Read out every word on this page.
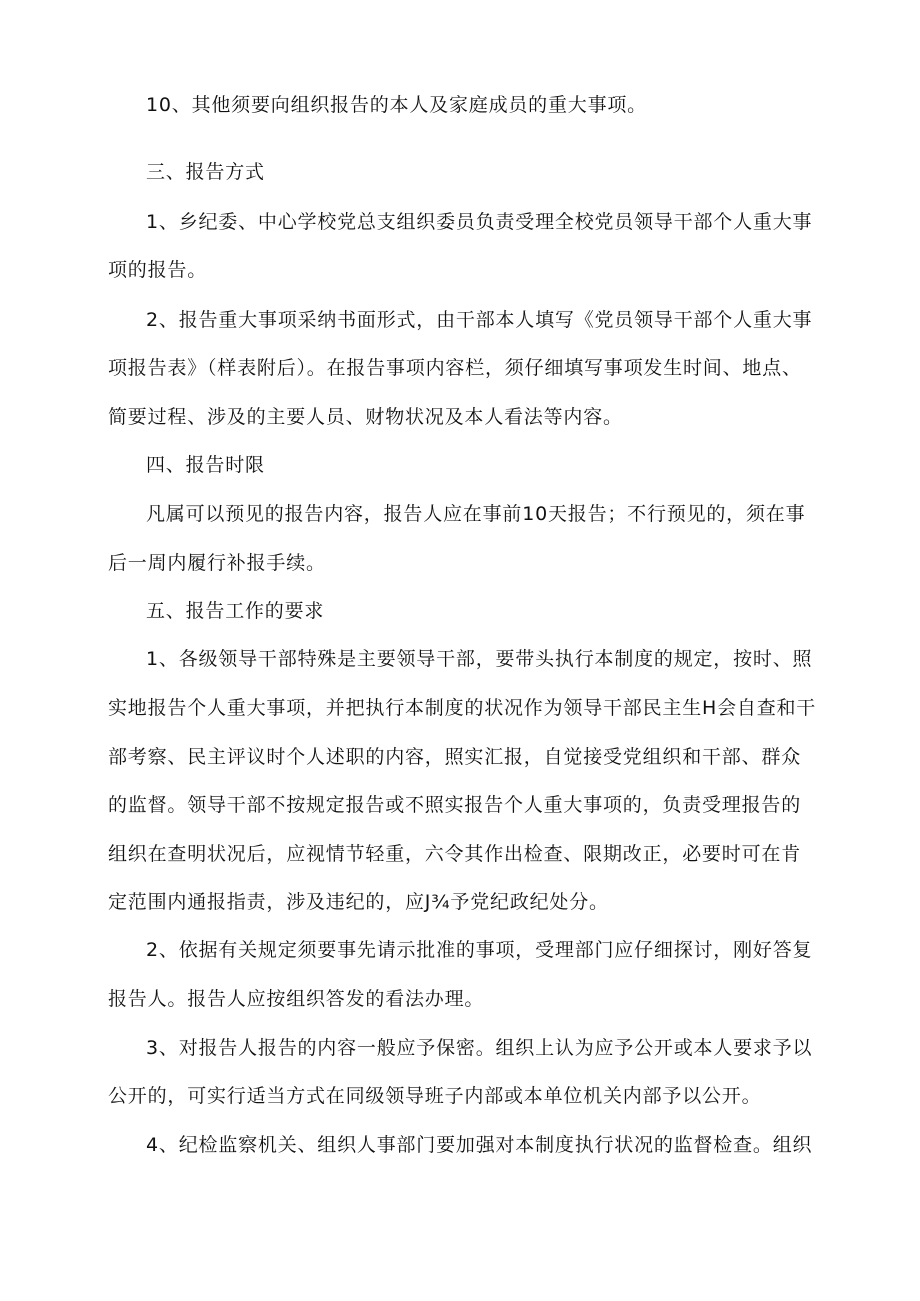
10、其他须要向组织报告的本人及家庭成员的重大事项。
三、报告方式
1、乡纪委、中心学校党总支组织委员负责受理全校党员领导干部个人重大事
项的报告。
2、报告重大事项采纳书面形式，由干部本人填写《党员领导干部个人重大事
项报告表》（样表附后）。在报告事项内容栏，须仔细填写事项发生时间、地点、
简要过程、涉及的主要人员、财物状况及本人看法等内容。
四、报告时限
凡属可以预见的报告内容，报告人应在事前10天报告；不行预见的，须在事
后一周内履行补报手续。
五、报告工作的要求
1、各级领导干部特殊是主要领导干部，要带头执行本制度的规定，按时、照
实地报告个人重大事项，并把执行本制度的状况作为领导干部民主生H会自查和干
部考察、民主评议时个人述职的内容，照实汇报，自觉接受党组织和干部、群众
的监督。领导干部不按规定报告或不照实报告个人重大事项的，负责受理报告的
组织在查明状况后，应视情节轻重，六令其作出检查、限期改正，必要时可在肯
定范围内通报指责，涉及违纪的，应J¾予党纪政纪处分。
2、依据有关规定须要事先请示批准的事项，受理部门应仔细探讨，刚好答复
报告人。报告人应按组织答发的看法办理。
3、对报告人报告的内容一般应予保密。组织上认为应予公开或本人要求予以
公开的，可实行适当方式在同级领导班子内部或本单位机关内部予以公开。
4、纪检监察机关、组织人事部门要加强对本制度执行状况的监督检查。组织
